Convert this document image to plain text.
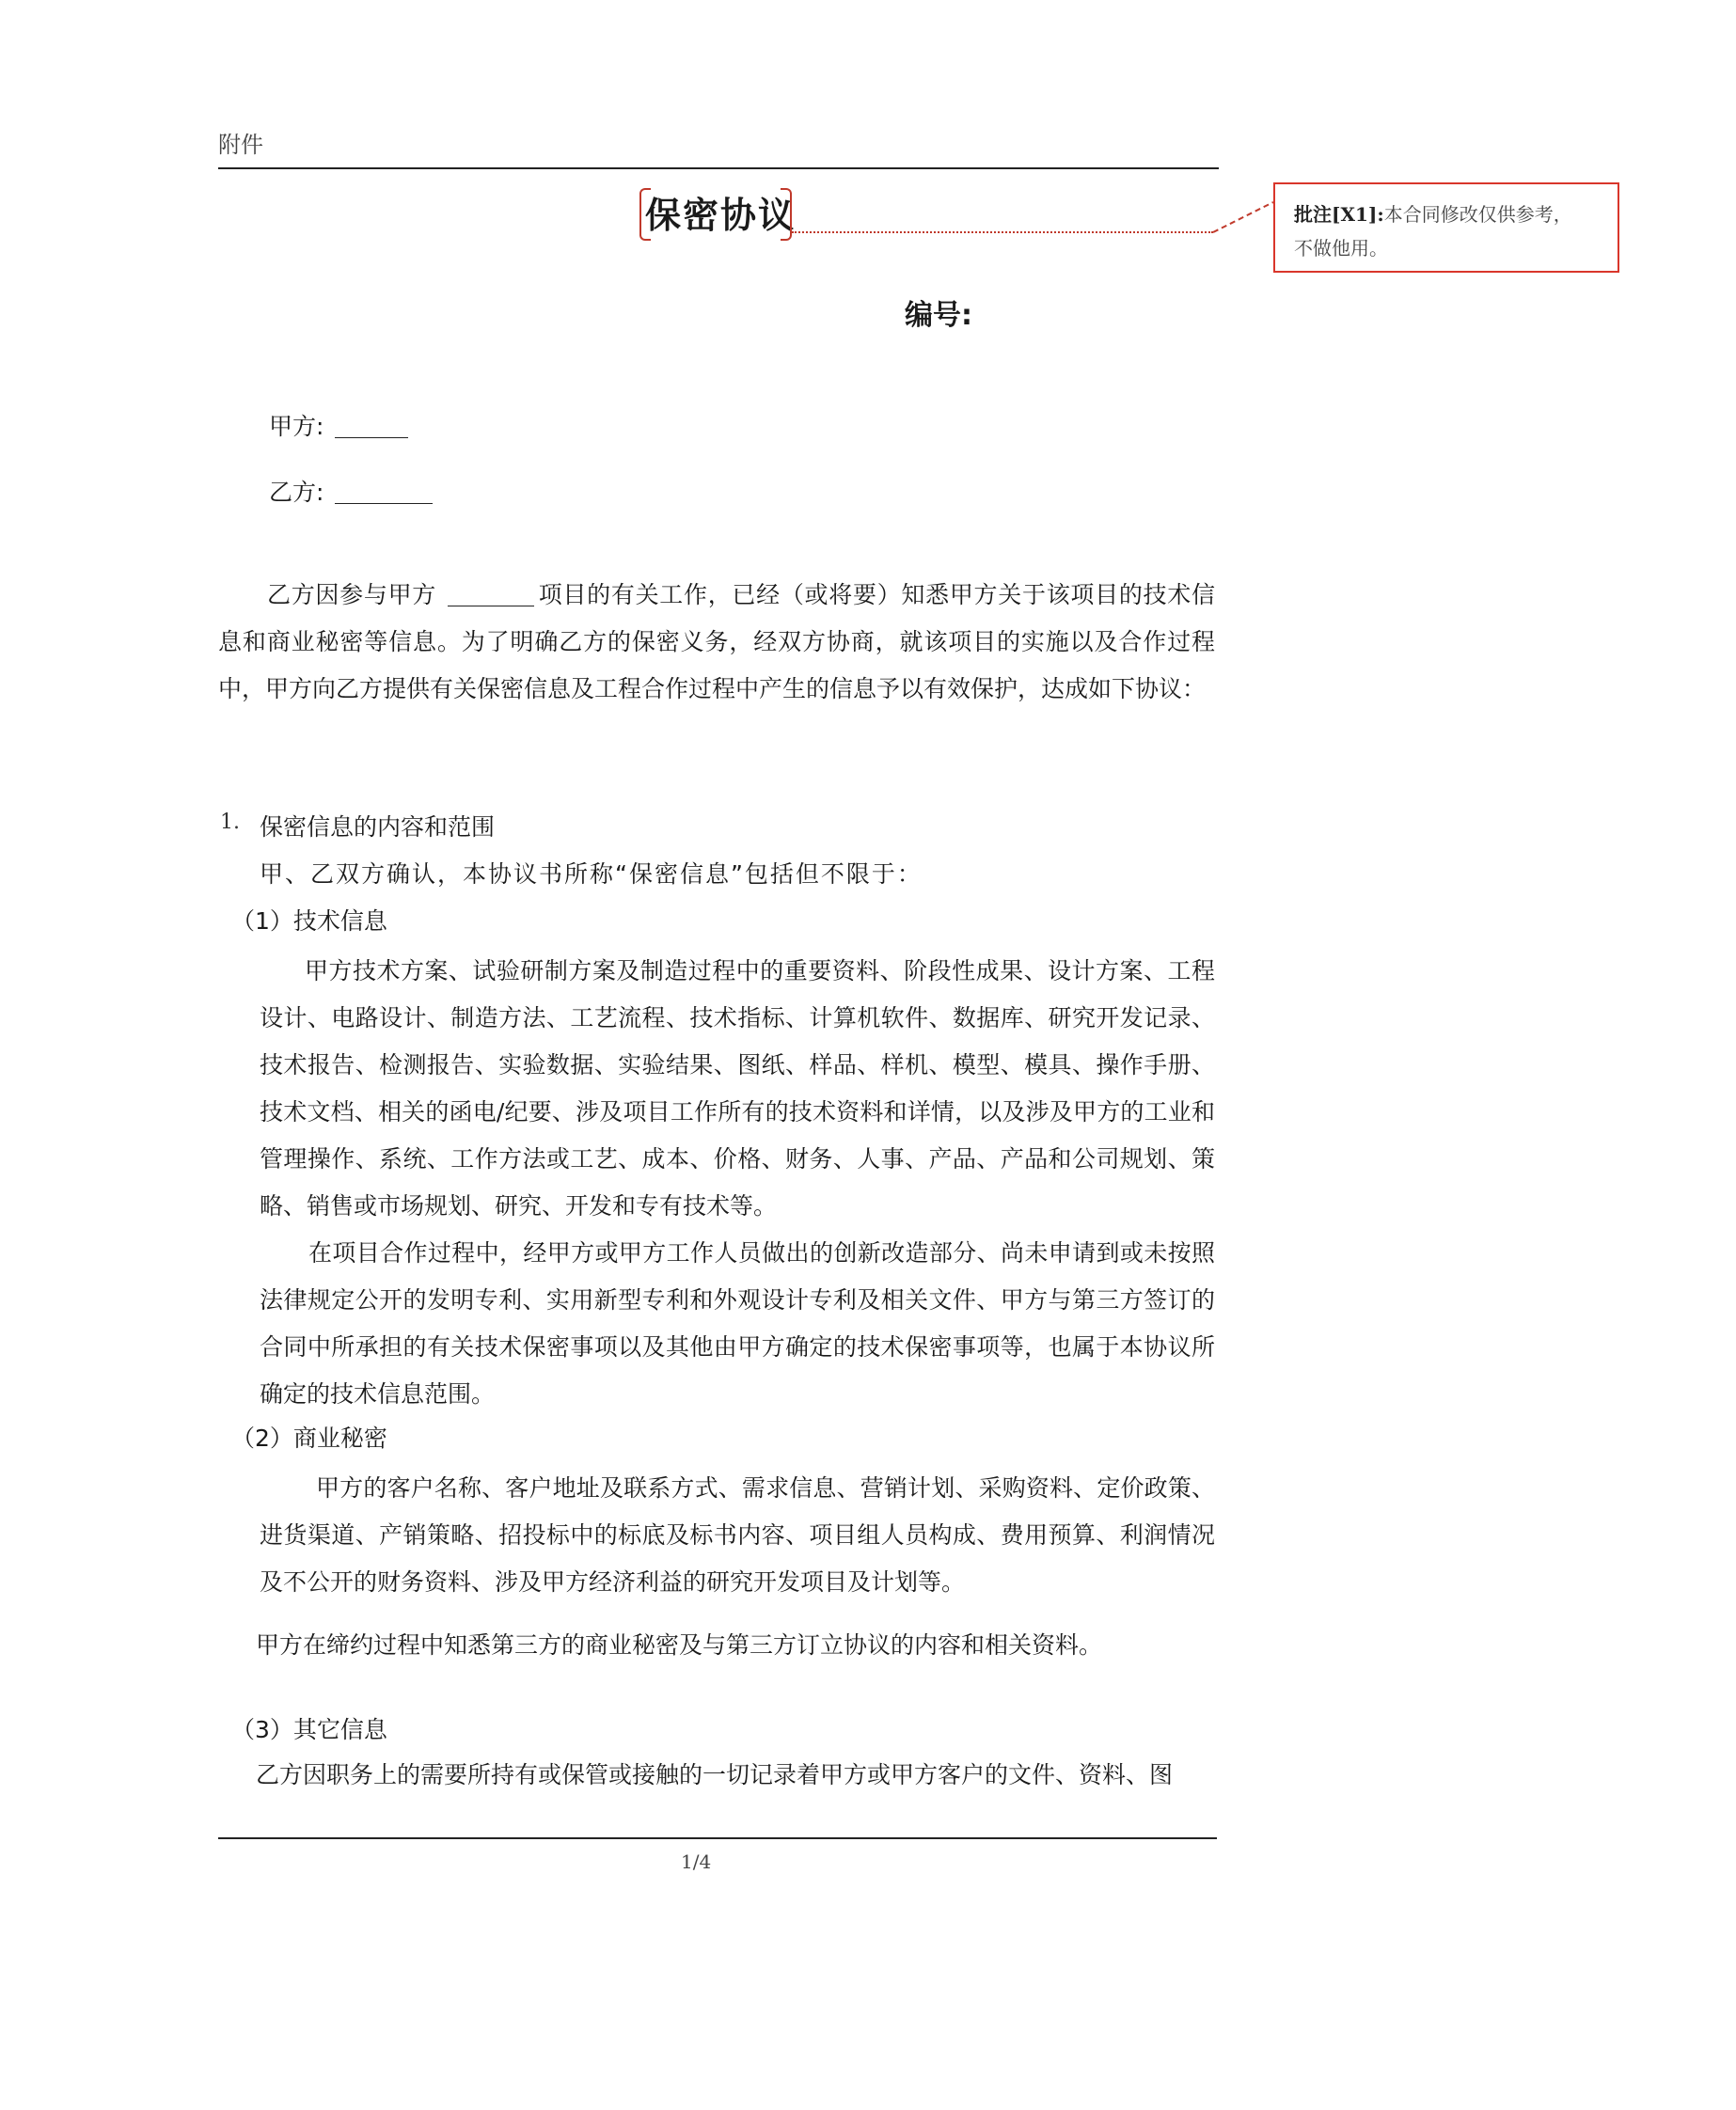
附件
保密协议	批注[X1]:本合同修改仅供参考，
不做他用。
编号:
甲方:
乙方:
乙方因参与甲方	项目的有关工作，已经（或将要）知悉甲方关于该项目的技术信息和商业秘密等信息。为了明确乙方的保密义务，经双方协商，就该项目的实施以及合作过程中，甲方向乙方提供有关保密信息及工程合作过程中产生的信息予以有效保护，达成如下协议：
1. 保密信息的内容和范围
甲、乙双方确认，本协议书所称“保密信息”包括但不限于：
（1）技术信息
甲方技术方案、试验研制方案及制造过程中的重要资料、阶段性成果、设计方案、工程设计、电路设计、制造方法、工艺流程、技术指标、计算机软件、数据库、研究开发记录、技术报告、检测报告、实验数据、实验结果、图纸、样品、样机、模型、模具、操作手册、技术文档、相关的函电/纪要、涉及项目工作所有的技术资料和详情，以及涉及甲方的工业和管理操作、系统、工作方法或工艺、成本、价格、财务、人事、产品、产品和公司规划、策略、销售或市场规划、研究、开发和专有技术等。
在项目合作过程中，经甲方或甲方工作人员做出的创新改造部分、尚未申请到或未按照法律规定公开的发明专利、实用新型专利和外观设计专利及相关文件、甲方与第三方签订的合同中所承担的有关技术保密事项以及其他由甲方确定的技术保密事项等，也属于本协议所确定的技术信息范围。
（2）商业秘密
甲方的客户名称、客户地址及联系方式、需求信息、营销计划、采购资料、定价政策、进货渠道、产销策略、招投标中的标底及标书内容、项目组人员构成、费用预算、利润情况及不公开的财务资料、涉及甲方经济利益的研究开发项目及计划等。
甲方在缔约过程中知悉第三方的商业秘密及与第三方订立协议的内容和相关资料。
（3）其它信息
乙方因职务上的需要所持有或保管或接触的一切记录着甲方或甲方客户的文件、资料、图
1/4
